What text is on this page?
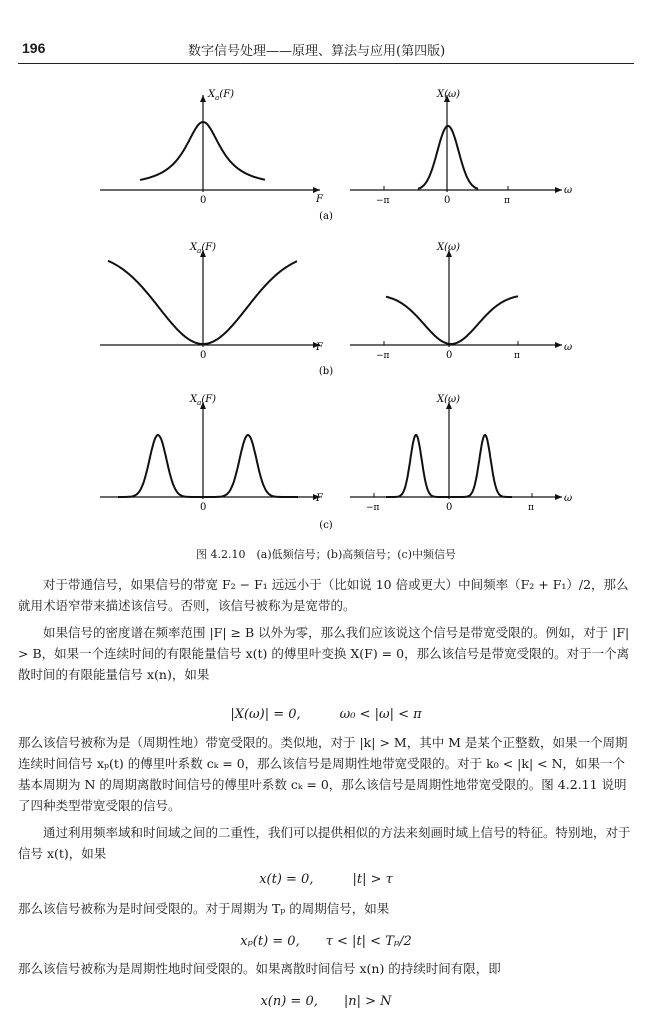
196	数字信号处理——原理、算法与应用(第四版)
$X_a(F)$
F
0
X(ω)
ω
−π	0	π
(a)
$X_a(F)$
F
0
X(ω)
ω
−π	0	π
(b)
$X_a(F)$
F
0
X(ω)
ω
−π	0	π
(c)
图 4.2.10　(a)低频信号；(b)高频信号；(c)中频信号

对于带通信号，如果信号的带宽 F₂ − F₁ 远远小于（比如说 10 倍或更大）中间频率（F₂ + F₁）/2，那么就用术语窄带来描述该信号。否则，该信号被称为是宽带的。

如果信号的密度谱在频率范围 |F| ≥ B 以外为零，那么我们应该说这个信号是带宽受限的。例如，对于 |F| > B，如果一个连续时间的有限能量信号 x(t) 的傅里叶变换 X(F) = 0，那么该信号是带宽受限的。对于一个离散时间的有限能量信号 x(n)，如果

|X(ω)| = 0,　　　ω₀ < |ω| < π

那么该信号被称为是（周期性地）带宽受限的。类似地，对于 |k| > M，其中 M 是某个正整数，如果一个周期连续时间信号 xₚ(t) 的傅里叶系数 cₖ = 0，那么该信号是周期性地带宽受限的。对于 k₀ < |k| < N，如果一个基本周期为 N 的周期离散时间信号的傅里叶系数 cₖ = 0，那么该信号是周期性地带宽受限的。图 4.2.11 说明了四种类型带宽受限的信号。

通过利用频率域和时间域之间的二重性，我们可以提供相似的方法来刻画时域上信号的特征。特别地，对于信号 x(t)，如果

x(t) = 0,　　　|t| > τ

那么该信号被称为是时间受限的。对于周期为 Tₚ 的周期信号，如果

xₚ(t) = 0,　　τ < |t| < Tₚ/2

那么该信号被称为是周期性地时间受限的。如果离散时间信号 x(n) 的持续时间有限，即

x(n) = 0,　　|n| > N
